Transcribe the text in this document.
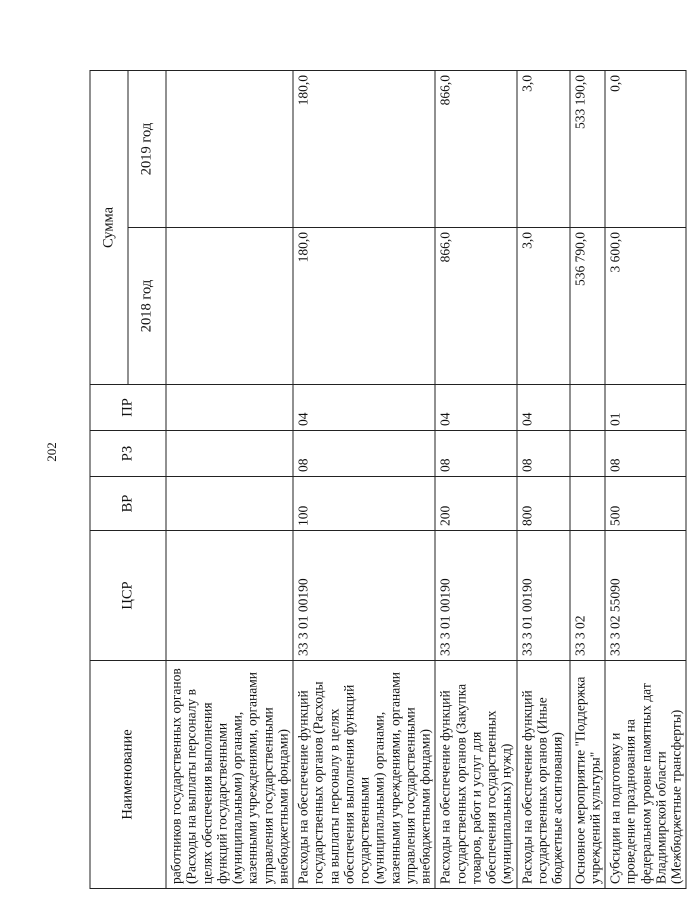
202
Наименование	ЦСР	ВР	РЗ	ПР	Сумма	
					2018 год	2019 год
работников государственных органов (Расходы на выплаты персоналу в целях обеспечения выполнения функций государственными (муниципальными) органами, казенными учреждениями, органами управления государственными внебюджетными фондами)						
Расходы на обеспечение функций государственных органов (Расходы на выплаты персоналу в целях обеспечения выполнения функций государственными (муниципальными) органами, казенными учреждениями, органами управления государственными внебюджетными фондами)	33 3 01 00190	100	08	04	180,0	180,0
Расходы на обеспечение функций государственных органов (Закупка товаров, работ и услуг для обеспечения государственных (муниципальных) нужд)	33 3 01 00190	200	08	04	866,0	866,0
Расходы на обеспечение функций государственных органов (Иные бюджетные ассигнования)	33 3 01 00190	800	08	04	3,0	3,0
Основное мероприятие "Поддержка учреждений культуры"	33 3 02				536 790,0	533 190,0
Субсидии на подготовку и проведение празднования на федеральном уровне памятных дат Владимирской области (Межбюджетные трансферты)	33 3 02 55090	500	08	01	3 600,0	0,0
